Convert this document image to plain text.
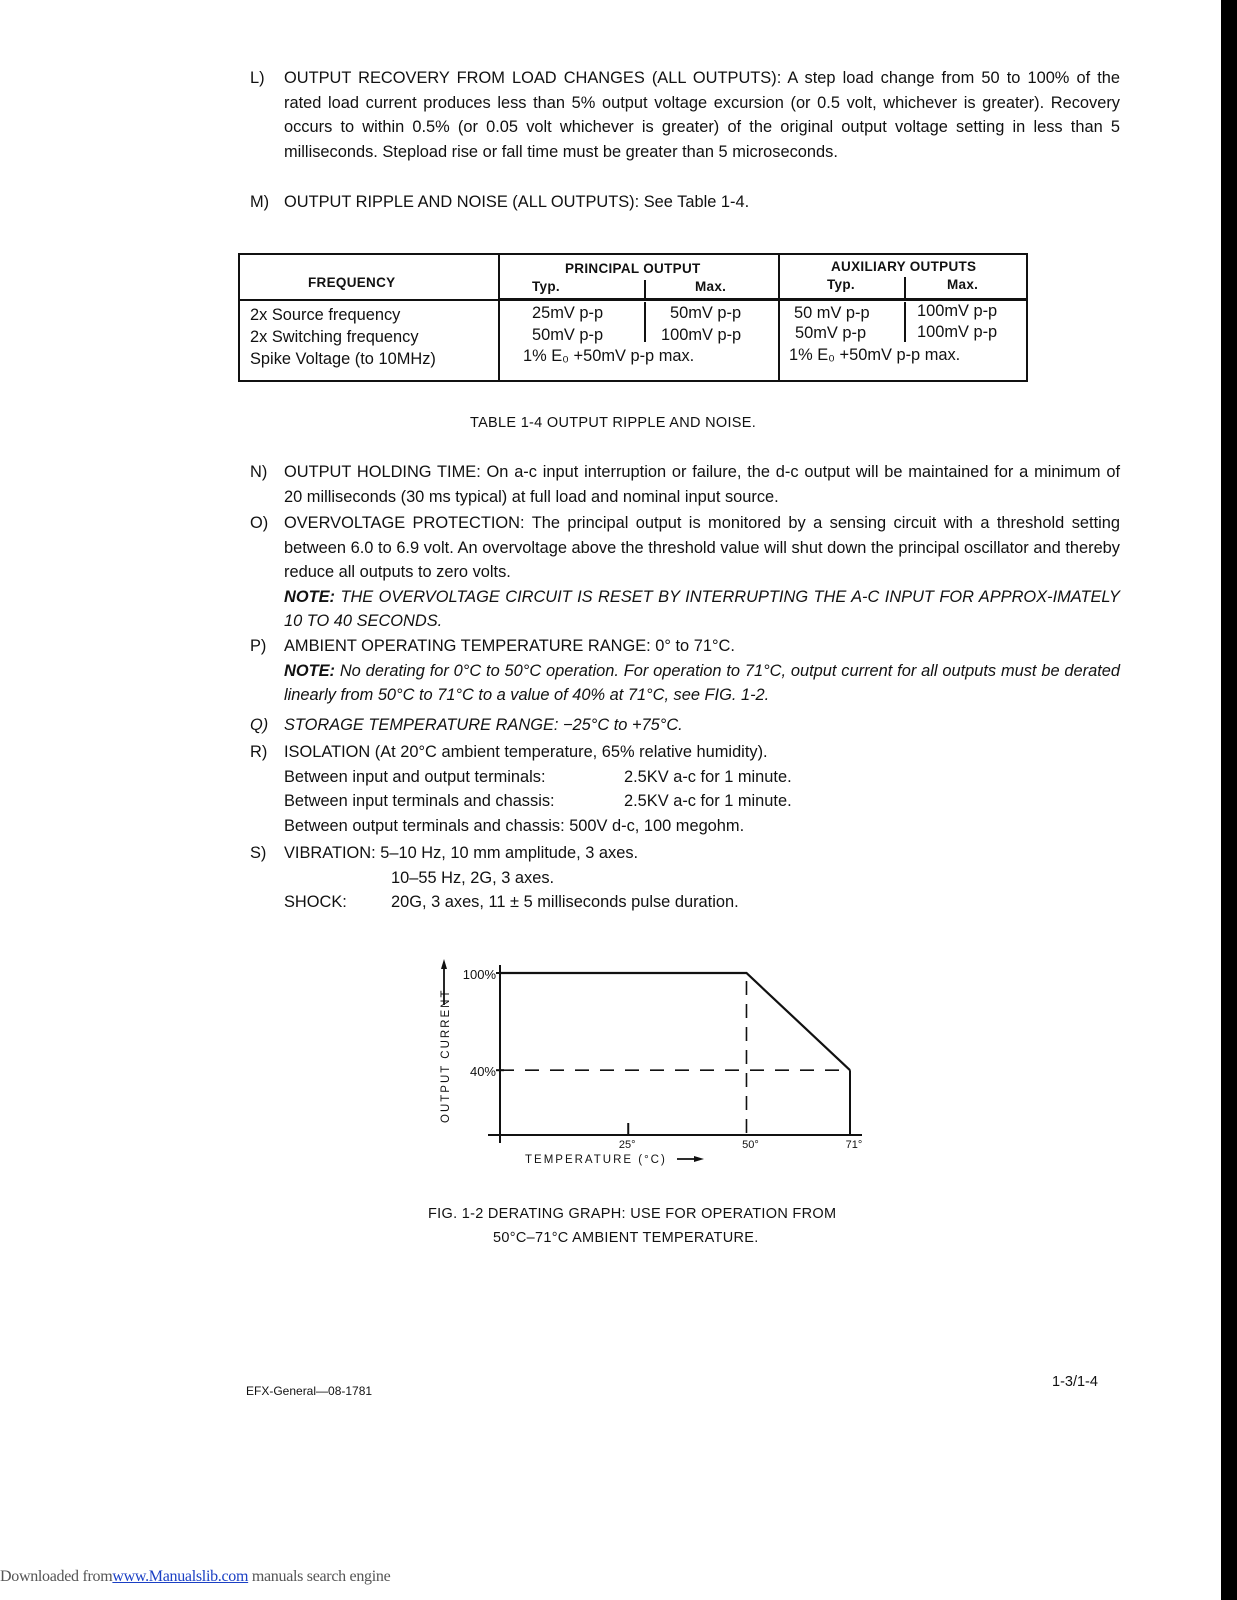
L) OUTPUT RECOVERY FROM LOAD CHANGES (ALL OUTPUTS): A step load change from 50 to 100% of the rated load current produces less than 5% output voltage excursion (or 0.5 volt, whichever is greater). Recovery occurs to within 0.5% (or 0.05 volt whichever is greater) of the original output voltage setting in less than 5 milliseconds. Stepload rise or fall time must be greater than 5 microseconds.
M) OUTPUT RIPPLE AND NOISE (ALL OUTPUTS): See Table 1-4.
FREQUENCY
PRINCIPAL OUTPUT
Typ.	Max.
AUXILIARY OUTPUTS
Typ.	Max.
2x Source frequency	25mV p-p	50mV p-p	50 mV p-p	100mV p-p
2x Switching frequency	50mV p-p	100mV p-p	50mV p-p	100mV p-p
Spike Voltage (to 10MHz)	1% E₀ +50mV p-p max.	1% E₀ +50mV p-p max.
TABLE 1-4 OUTPUT RIPPLE AND NOISE.
N) OUTPUT HOLDING TIME: On a-c input interruption or failure, the d-c output will be maintained for a minimum of 20 milliseconds (30 ms typical) at full load and nominal input source.
O) OVERVOLTAGE PROTECTION: The principal output is monitored by a sensing circuit with a threshold setting between 6.0 to 6.9 volt. An overvoltage above the threshold value will shut down the principal oscillator and thereby reduce all outputs to zero volts.
NOTE: THE OVERVOLTAGE CIRCUIT IS RESET BY INTERRUPTING THE A-C INPUT FOR APPROX-IMATELY 10 TO 40 SECONDS.
P) AMBIENT OPERATING TEMPERATURE RANGE: 0° to 71°C.
NOTE: No derating for 0°C to 50°C operation. For operation to 71°C, output current for all outputs must be derated linearly from 50°C to 71°C to a value of 40% at 71°C, see FIG. 1-2.
Q) STORAGE TEMPERATURE RANGE: −25°C to +75°C.
R) ISOLATION (At 20°C ambient temperature, 65% relative humidity).
Between input and output terminals:	2.5KV a-c for 1 minute.
Between input terminals and chassis:	2.5KV a-c for 1 minute.
Between output terminals and chassis: 500V d-c, 100 megohm.
S) VIBRATION: 5–10 Hz, 10 mm amplitude, 3 axes.
10–55 Hz, 2G, 3 axes.
SHOCK:	20G, 3 axes, 11 ± 5 milliseconds pulse duration.
100%
40%
25°	50°	71°
TEMPERATURE (°C)
OUTPUT CURRENT
FIG. 1-2 DERATING GRAPH: USE FOR OPERATION FROM
50°C–71°C AMBIENT TEMPERATURE.
EFX-General—08-1781
1-3/1-4
Downloaded fromwww.Manualslib.com manuals search engine
